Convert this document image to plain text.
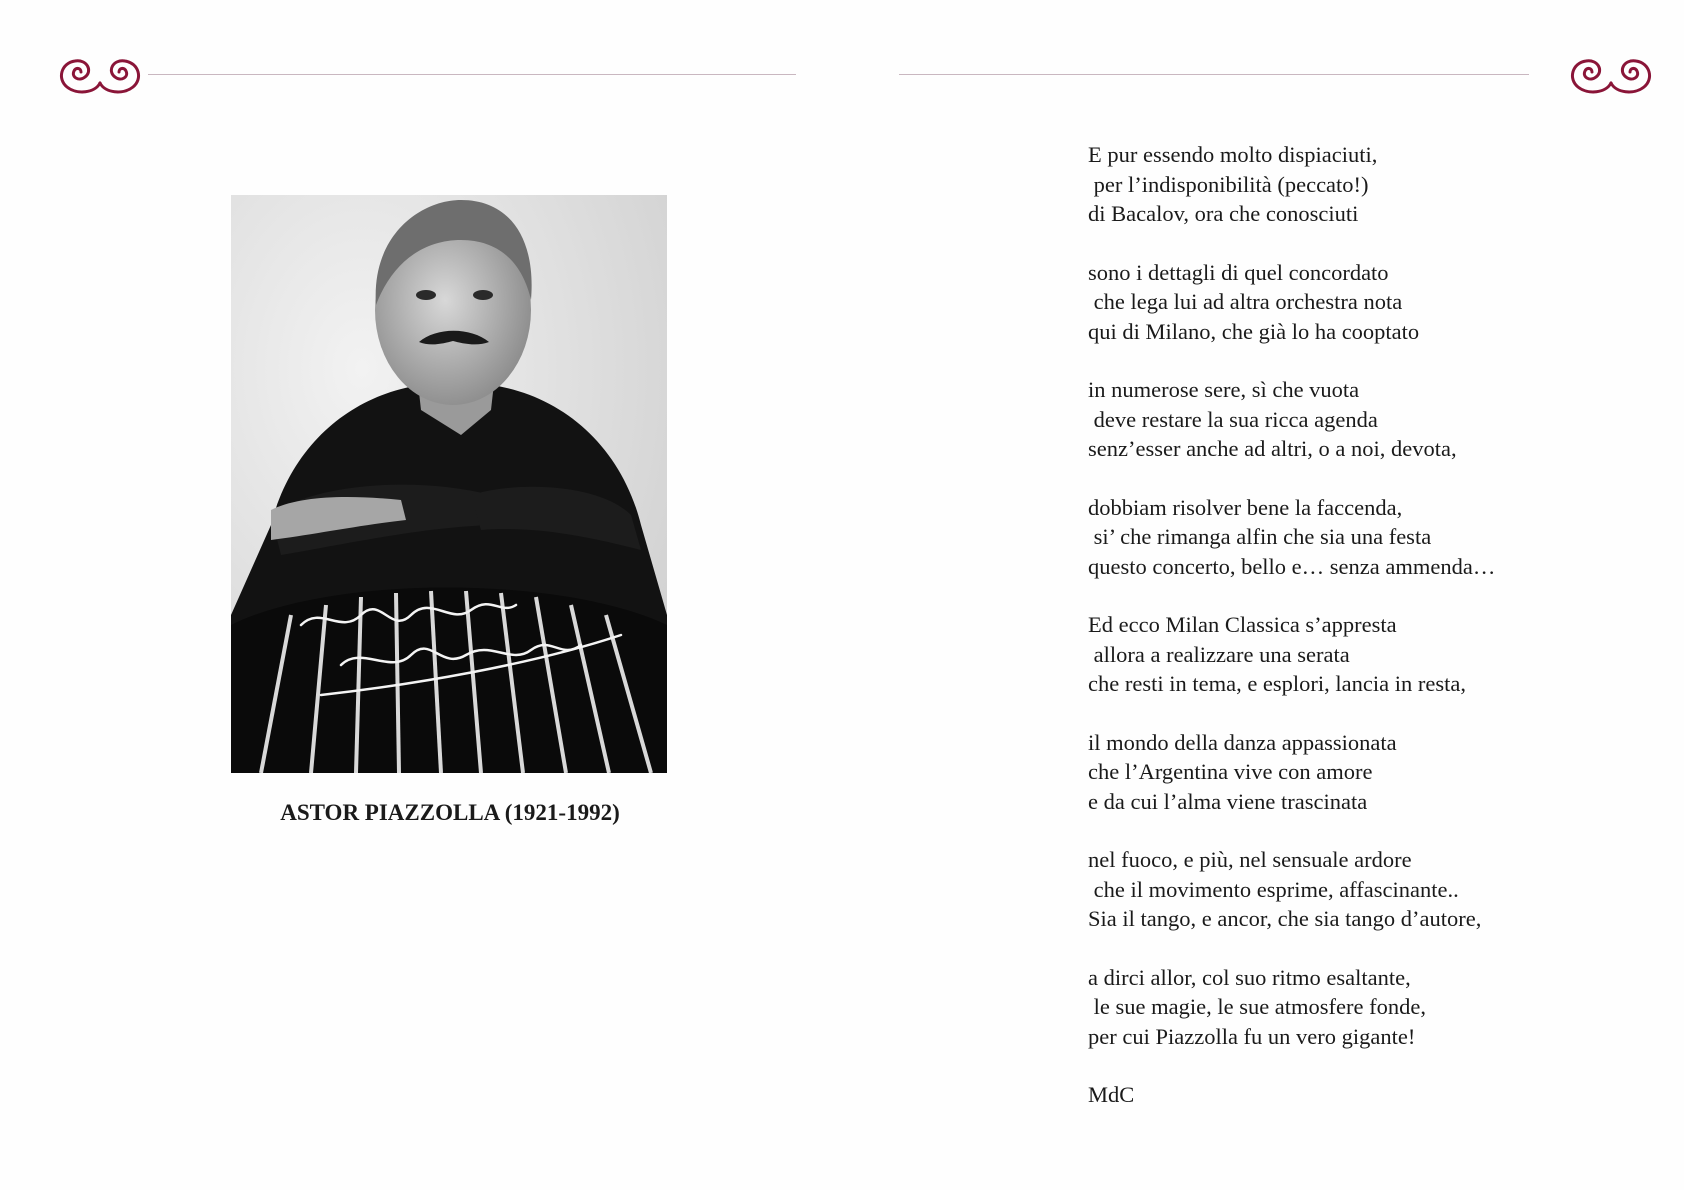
ASTOR PIAZZOLLA (1921-1992)
E pur essendo molto dispiaciuti,
per l’indisponibilità (peccato!)
di Bacalov, ora che conosciuti
sono i dettagli di quel concordato
che lega lui ad altra orchestra nota
qui di Milano, che già lo ha cooptato
in numerose sere, sì che vuota
deve restare la sua ricca agenda
senz’esser anche ad altri, o a noi, devota,
dobbiam risolver bene la faccenda,
si’ che rimanga alfin che sia una festa
questo concerto, bello e… senza ammenda…
Ed ecco Milan Classica s’appresta
allora a realizzare una serata
che resti in tema, e esplori, lancia in resta,
il mondo della danza appassionata
che l’Argentina vive con amore
e da cui l’alma viene trascinata
nel fuoco, e più, nel sensuale ardore
che il movimento esprime, affascinante..
Sia il tango, e ancor, che sia tango d’autore,
a dirci allor, col suo ritmo esaltante,
le sue magie, le sue atmosfere fonde,
per cui Piazzolla fu un vero gigante!
MdC
